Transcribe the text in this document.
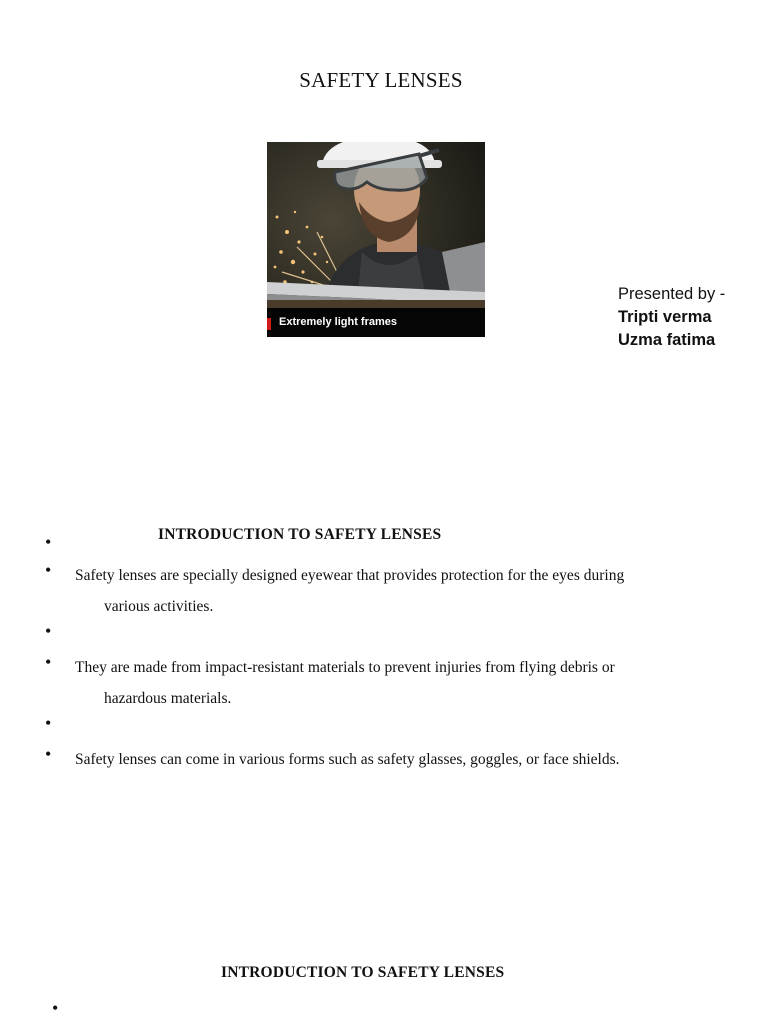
SAFETY LENSES
Extremely light frames
Presented by -
Tripti verma
Uzma fatima
•	INTRODUCTION TO SAFETY LENSES
• Safety lenses are specially designed eyewear that provides protection for the eyes during
various activities.
•
• They are made from impact-resistant materials to prevent injuries from flying debris or
hazardous materials.
•
• Safety lenses can come in various forms such as safety glasses, goggles, or face shields.
INTRODUCTION TO SAFETY LENSES
•
